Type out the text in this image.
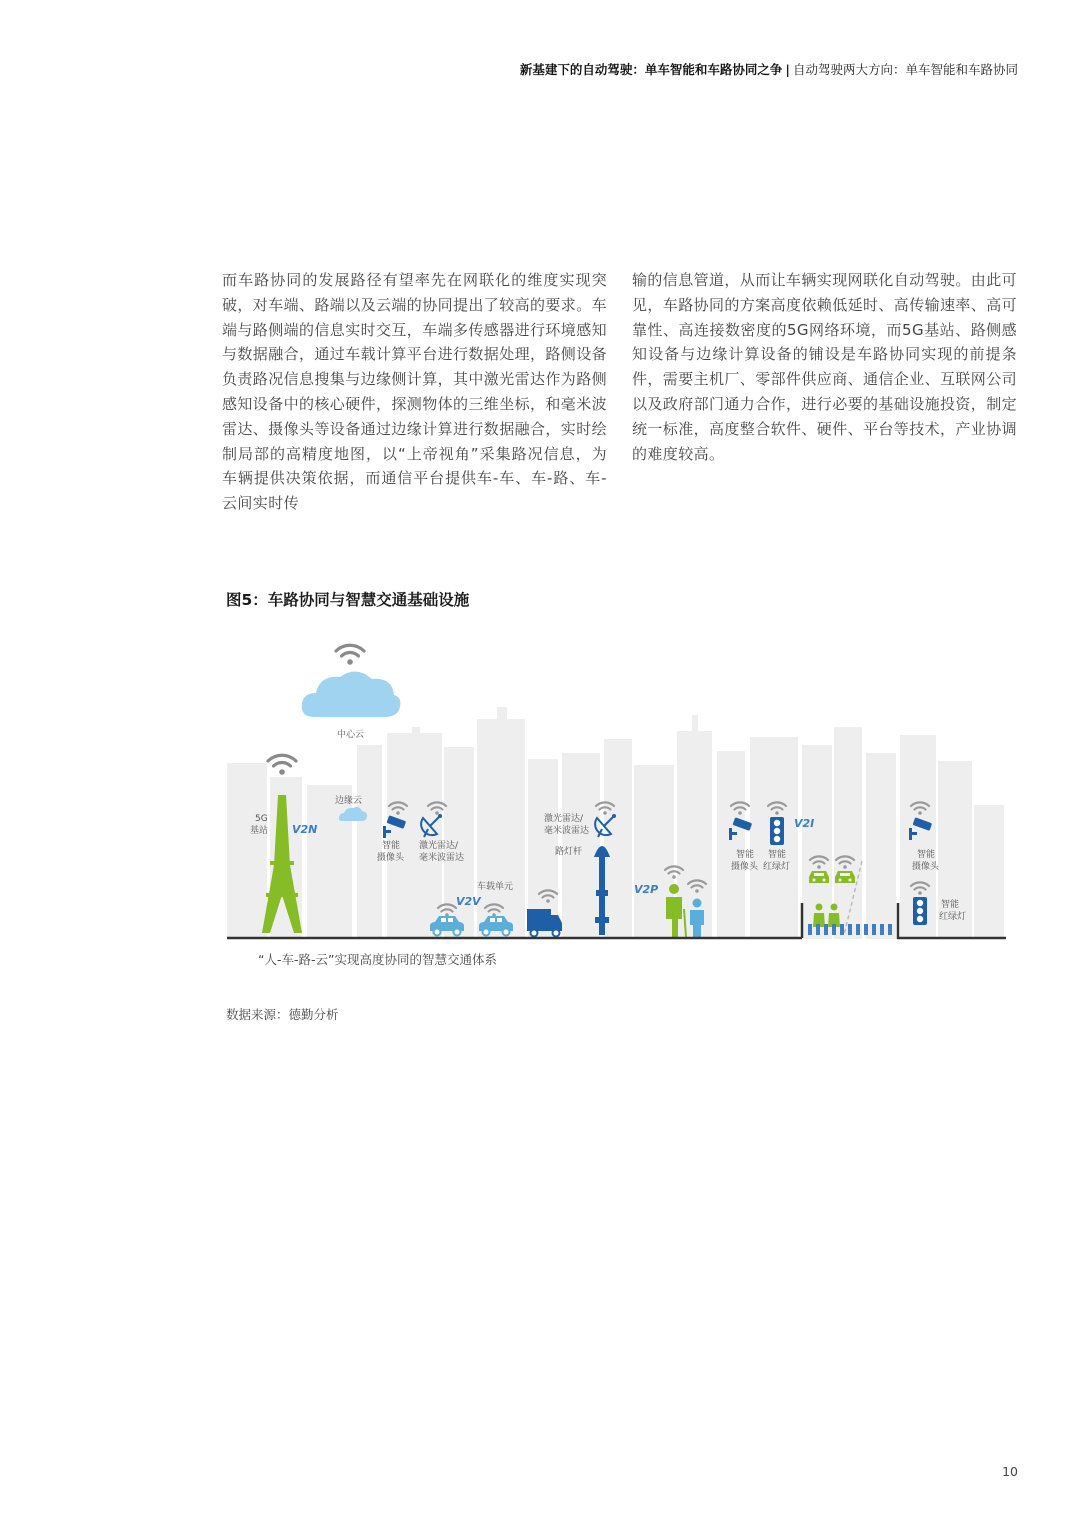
新基建下的自动驾驶：单车智能和车路协同之争 | 自动驾驶两大方向：单车智能和车路协同

而车路协同的发展路径有望率先在网联化的维度实现突破，对车端、路端以及云端的协同提出了较高的要求。车端与路侧端的信息实时交互，车端多传感器进行环境感知与数据融合，通过车载计算平台进行数据处理，路侧设备负责路况信息搜集与边缘侧计算，其中激光雷达作为路侧感知设备中的核心硬件，探测物体的三维坐标，和毫米波雷达、摄像头等设备通过边缘计算进行数据融合，实时绘制局部的高精度地图，以“上帝视角”采集路况信息，为车辆提供决策依据，而通信平台提供车-车、车-路、车-云间实时传

输的信息管道，从而让车辆实现网联化自动驾驶。由此可见，车路协同的方案高度依赖低延时、高传输速率、高可靠性、高连接数密度的5G网络环境，而5G基站、路侧感知设备与边缘计算设备的铺设是车路协同实现的前提条件，需要主机厂、零部件供应商、通信企业、互联网公司以及政府部门通力合作，进行必要的基础设施投资，制定统一标准，高度整合软件、硬件、平台等技术，产业协调的难度较高。

图5：车路协同与智慧交通基础设施
中心云
5G
基站 V2N
边缘云
智能
摄像头
激光雷达/
毫米波雷达
V2V
车载单元
激光雷达/
毫米波雷达
路灯杆
V2P
智能
摄像头
智能
红绿灯
V2I
智能
摄像头
智能
红绿灯
“人-车-路-云”实现高度协同的智慧交通体系
数据来源：德勤分析
10
